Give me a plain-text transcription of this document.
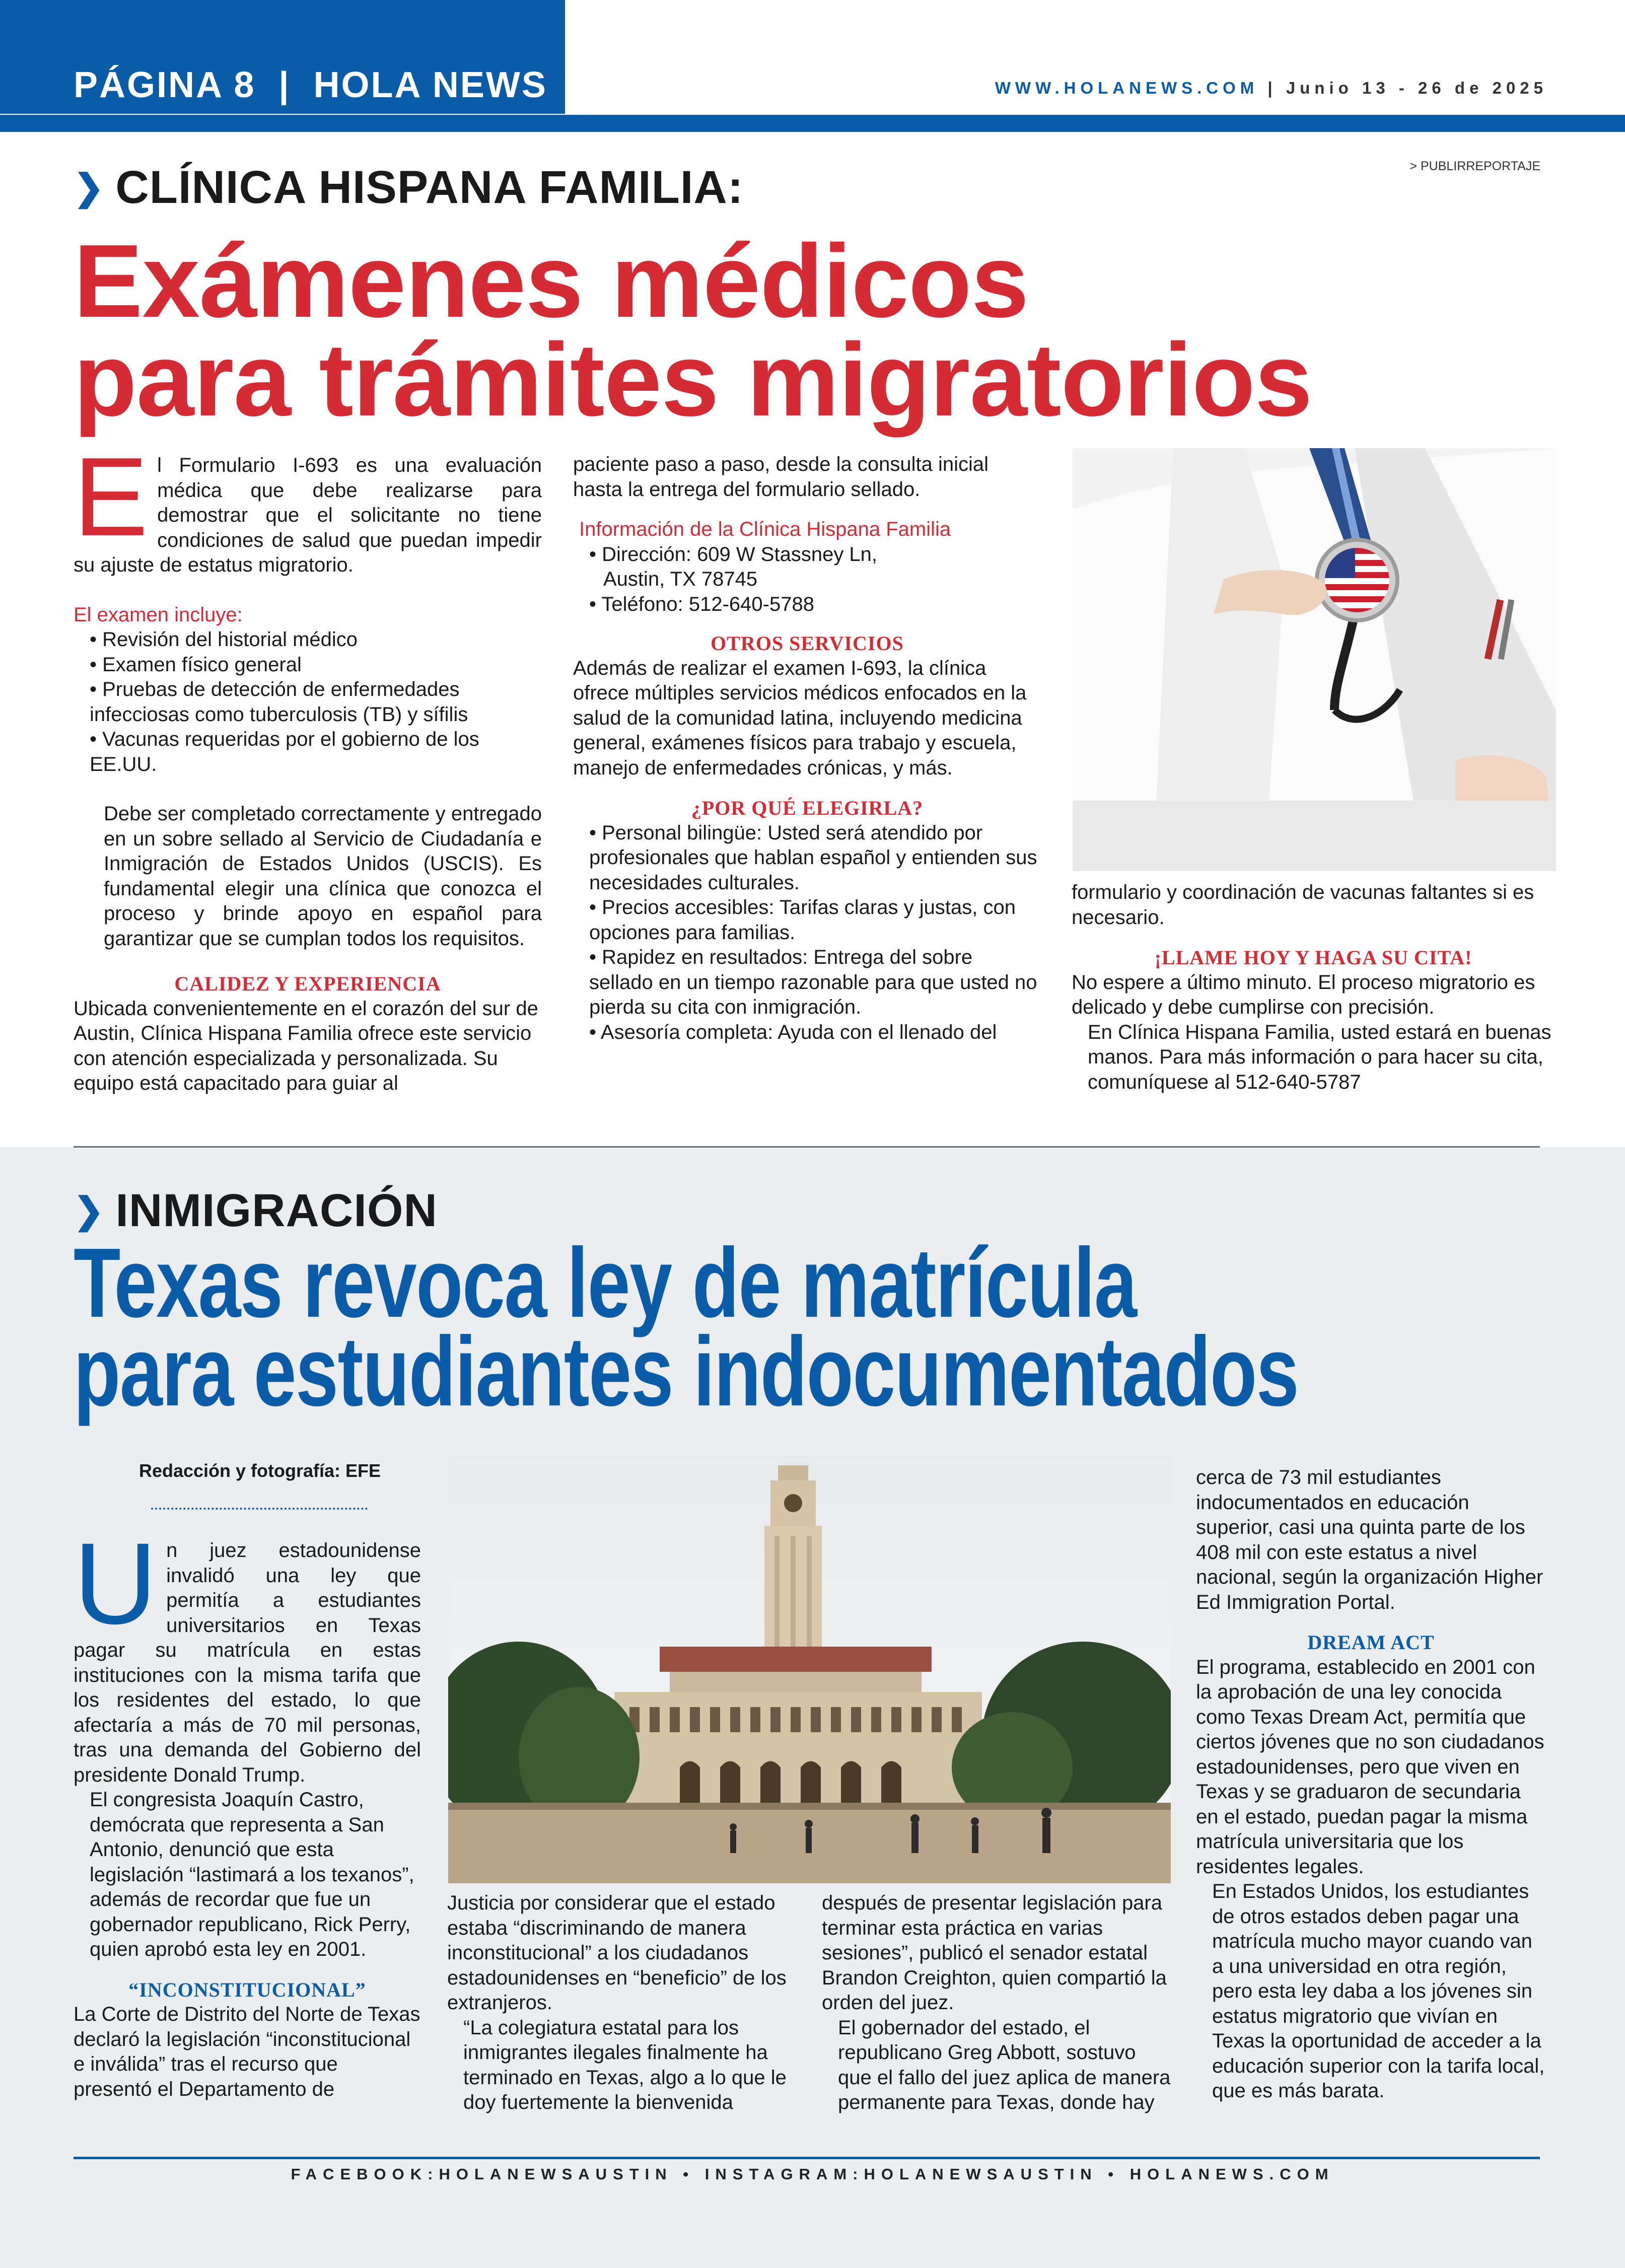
PÁGINA 8  |  HOLA NEWS	WWW.HOLANEWS.COM | Junio 13 - 26 de 2025
> PUBLIRREPORTAJE
❯ CLÍNICA HISPANA FAMILIA:
Exámenes médicos
para trámites migratorios

El Formulario I-693 es una evaluación médica que debe realizarse para demostrar que el solicitante no tiene condiciones de salud que puedan impedir su ajuste de estatus migratorio.

El examen incluye:

• Revisión del historial médico

• Examen físico general

• Pruebas de detección de enfermedades infecciosas como tuberculosis (TB) y sífilis

• Vacunas requeridas por el gobierno de los EE.UU.

Debe ser completado correctamente y entregado en un sobre sellado al Servicio de Ciudadanía e Inmigración de Estados Unidos (USCIS). Es fundamental elegir una clínica que conozca el proceso y brinde apoyo en español para garantizar que se cumplan todos los requisitos.

CALIDEZ Y EXPERIENCIA

Ubicada convenientemente en el corazón del sur de Austin, Clínica Hispana Familia ofrece este servicio con atención especializada y personalizada. Su equipo está capacitado para guiar al

paciente paso a paso, desde la consulta inicial hasta la entrega del formulario sellado.

Información de la Clínica Hispana Familia

• Dirección: 609 W Stassney Ln,

Austin, TX 78745

• Teléfono: 512-640-5788

OTROS SERVICIOS

Además de realizar el examen I-693, la clínica ofrece múltiples servicios médicos enfocados en la salud de la comunidad latina, incluyendo medicina general, exámenes físicos para trabajo y escuela, manejo de enfermedades crónicas, y más.

¿POR QUÉ ELEGIRLA?

• Personal bilingüe: Usted será atendido por profesionales que hablan español y entienden sus necesidades culturales.

• Precios accesibles: Tarifas claras y justas, con opciones para familias.

• Rapidez en resultados: Entrega del sobre sellado en un tiempo razonable para que usted no pierda su cita con inmigración.

• Asesoría completa: Ayuda con el llenado del

formulario y coordinación de vacunas faltantes si es necesario.

¡LLAME HOY Y HAGA SU CITA!

No espere a último minuto. El proceso migratorio es delicado y debe cumplirse con precisión.

En Clínica Hispana Familia, usted estará en buenas manos. Para más información o para hacer su cita, comuníquese al 512-640-5787

❯ INMIGRACIÓN
Texas revoca ley de matrícula
para estudiantes indocumentados
Redacción y fotografía: EFE

Un juez estadounidense invalidó una ley que permitía a estudiantes universitarios en Texas pagar su matrícula en estas instituciones con la misma tarifa que los residentes del estado, lo que afectaría a más de 70 mil personas, tras una demanda del Gobierno del presidente Donald Trump.

El congresista Joaquín Castro, demócrata que representa a San Antonio, denunció que esta legislación “lastimará a los texanos”, además de recordar que fue un gobernador republicano, Rick Perry, quien aprobó esta ley en 2001.

“INCONSTITUCIONAL”

La Corte de Distrito del Norte de Texas declaró la legislación “inconstitucional e inválida” tras el recurso que presentó el Departamento de

Justicia por considerar que el estado estaba “discriminando de manera inconstitucional” a los ciudadanos estadounidenses en “beneficio” de los extranjeros.

“La colegiatura estatal para los inmigrantes ilegales finalmente ha terminado en Texas, algo a lo que le doy fuertemente la bienvenida

después de presentar legislación para terminar esta práctica en varias sesiones”, publicó el senador estatal Brandon Creighton, quien compartió la orden del juez.

El gobernador del estado, el republicano Greg Abbott, sostuvo que el fallo del juez aplica de manera permanente para Texas, donde hay

cerca de 73 mil estudiantes indocumentados en educación superior, casi una quinta parte de los 408 mil con este estatus a nivel nacional, según la organización Higher Ed Immigration Portal.

DREAM ACT

El programa, establecido en 2001 con la aprobación de una ley conocida como Texas Dream Act, permitía que ciertos jóvenes que no son ciudadanos estadounidenses, pero que viven en Texas y se graduaron de secundaria en el estado, puedan pagar la misma matrícula universitaria que los residentes legales.

En Estados Unidos, los estudiantes de otros estados deben pagar una matrícula mucho mayor cuando van a una universidad en otra región, pero esta ley daba a los jóvenes sin estatus migratorio que vivían en Texas la oportunidad de acceder a la educación superior con la tarifa local, que es más barata.

FACEBOOK:HOLANEWSAUSTIN • INSTAGRAM:HOLANEWSAUSTIN • HOLANEWS.COM
